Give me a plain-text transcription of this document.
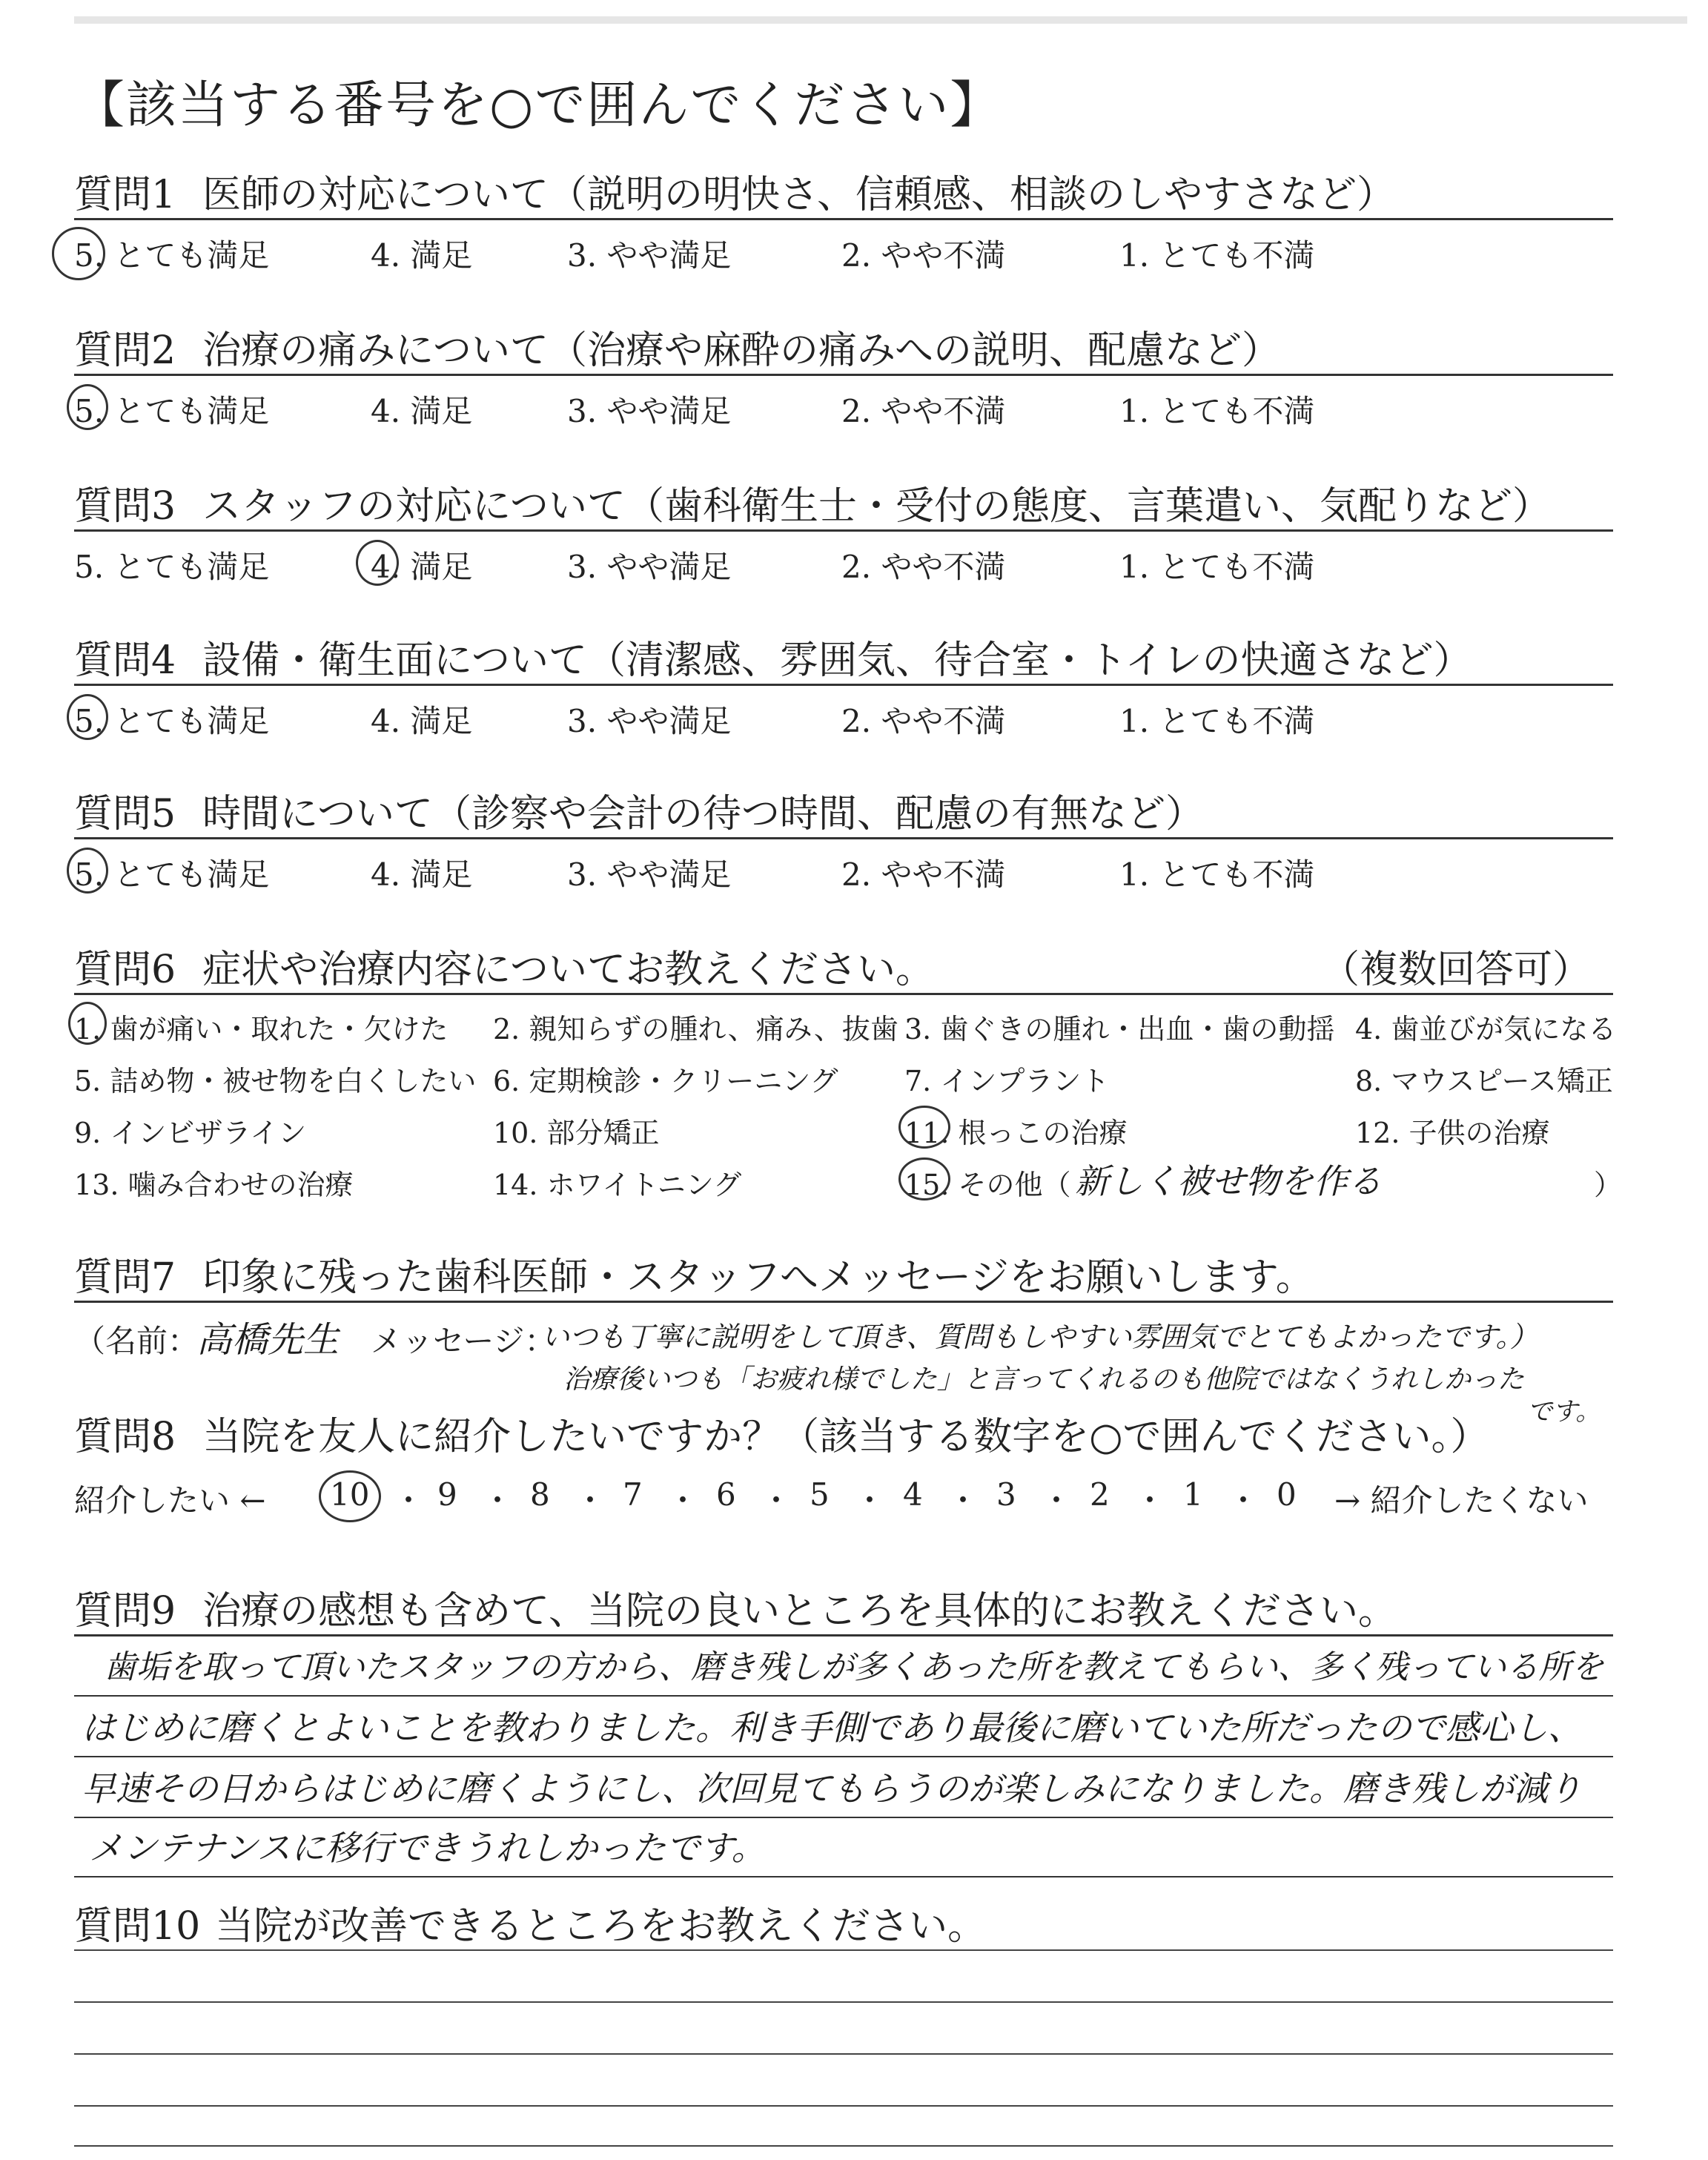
【該当する番号を○で囲んでください】
質問1 医師の対応について（説明の明快さ、信頼感、相談のしやすさなど）
5. とても満足	4. 満足	3. やや満足	2. やや不満	1. とても不満
質問2 治療の痛みについて（治療や麻酔の痛みへの説明、配慮など）
5. とても満足	4. 満足	3. やや満足	2. やや不満	1. とても不満
質問3 スタッフの対応について（歯科衛生士・受付の態度、言葉遣い、気配りなど）
5. とても満足	4. 満足	3. やや満足	2. やや不満	1. とても不満
質問4 設備・衛生面について（清潔感、雰囲気、待合室・トイレの快適さなど）
5. とても満足	4. 満足	3. やや満足	2. やや不満	1. とても不満
質問5 時間について（診察や会計の待つ時間、配慮の有無など）
5. とても満足	4. 満足	3. やや満足	2. やや不満	1. とても不満
質問6 症状や治療内容についてお教えください。	（複数回答可）
1. 歯が痛い・取れた・欠けた 2. 親知らずの腫れ、痛み、抜歯 3. 歯ぐきの腫れ・出血・歯の動揺 4. 歯並びが気になる
5. 詰め物・被せ物を白くしたい 6. 定期検診・クリーニング 7. インプラント	8. マウスピース矯正
9. インビザライン	10. 部分矯正	11. 根っこの治療	12. 子供の治療
13. 噛み合わせの治療	14. ホワイトニング	15. その他（ 新しく被せ物を作る	）
質問7 印象に残った歯科医師・スタッフへメッセージをお願いします。
（名前：
高橋先生 メッセージ：
いつも丁寧に説明をして頂き、質問もしやすい雰囲気でとてもよかったです。）
治療後いつも「お疲れ様でした」と言ってくれるのも他院ではなくうれしかった
です。
質問8 当院を友人に紹介したいですか？（該当する数字を○で囲んでください。）
紹介したい ← 10 ・ 9 ・ 8 ・ 7 ・ 6 ・ 5 ・ 4 ・ 3 ・ 2 ・ 1 ・ 0 → 紹介したくない
質問9 治療の感想も含めて、当院の良いところを具体的にお教えください。
歯垢を取って頂いたスタッフの方から、磨き残しが多くあった所を教えてもらい、多く残っている所を
はじめに磨くとよいことを教わりました。利き手側であり最後に磨いていた所だったので感心し、
早速その日からはじめに磨くようにし、次回見てもらうのが楽しみになりました。磨き残しが減り
メンテナンスに移行できうれしかったです。
質問10 当院が改善できるところをお教えください。
